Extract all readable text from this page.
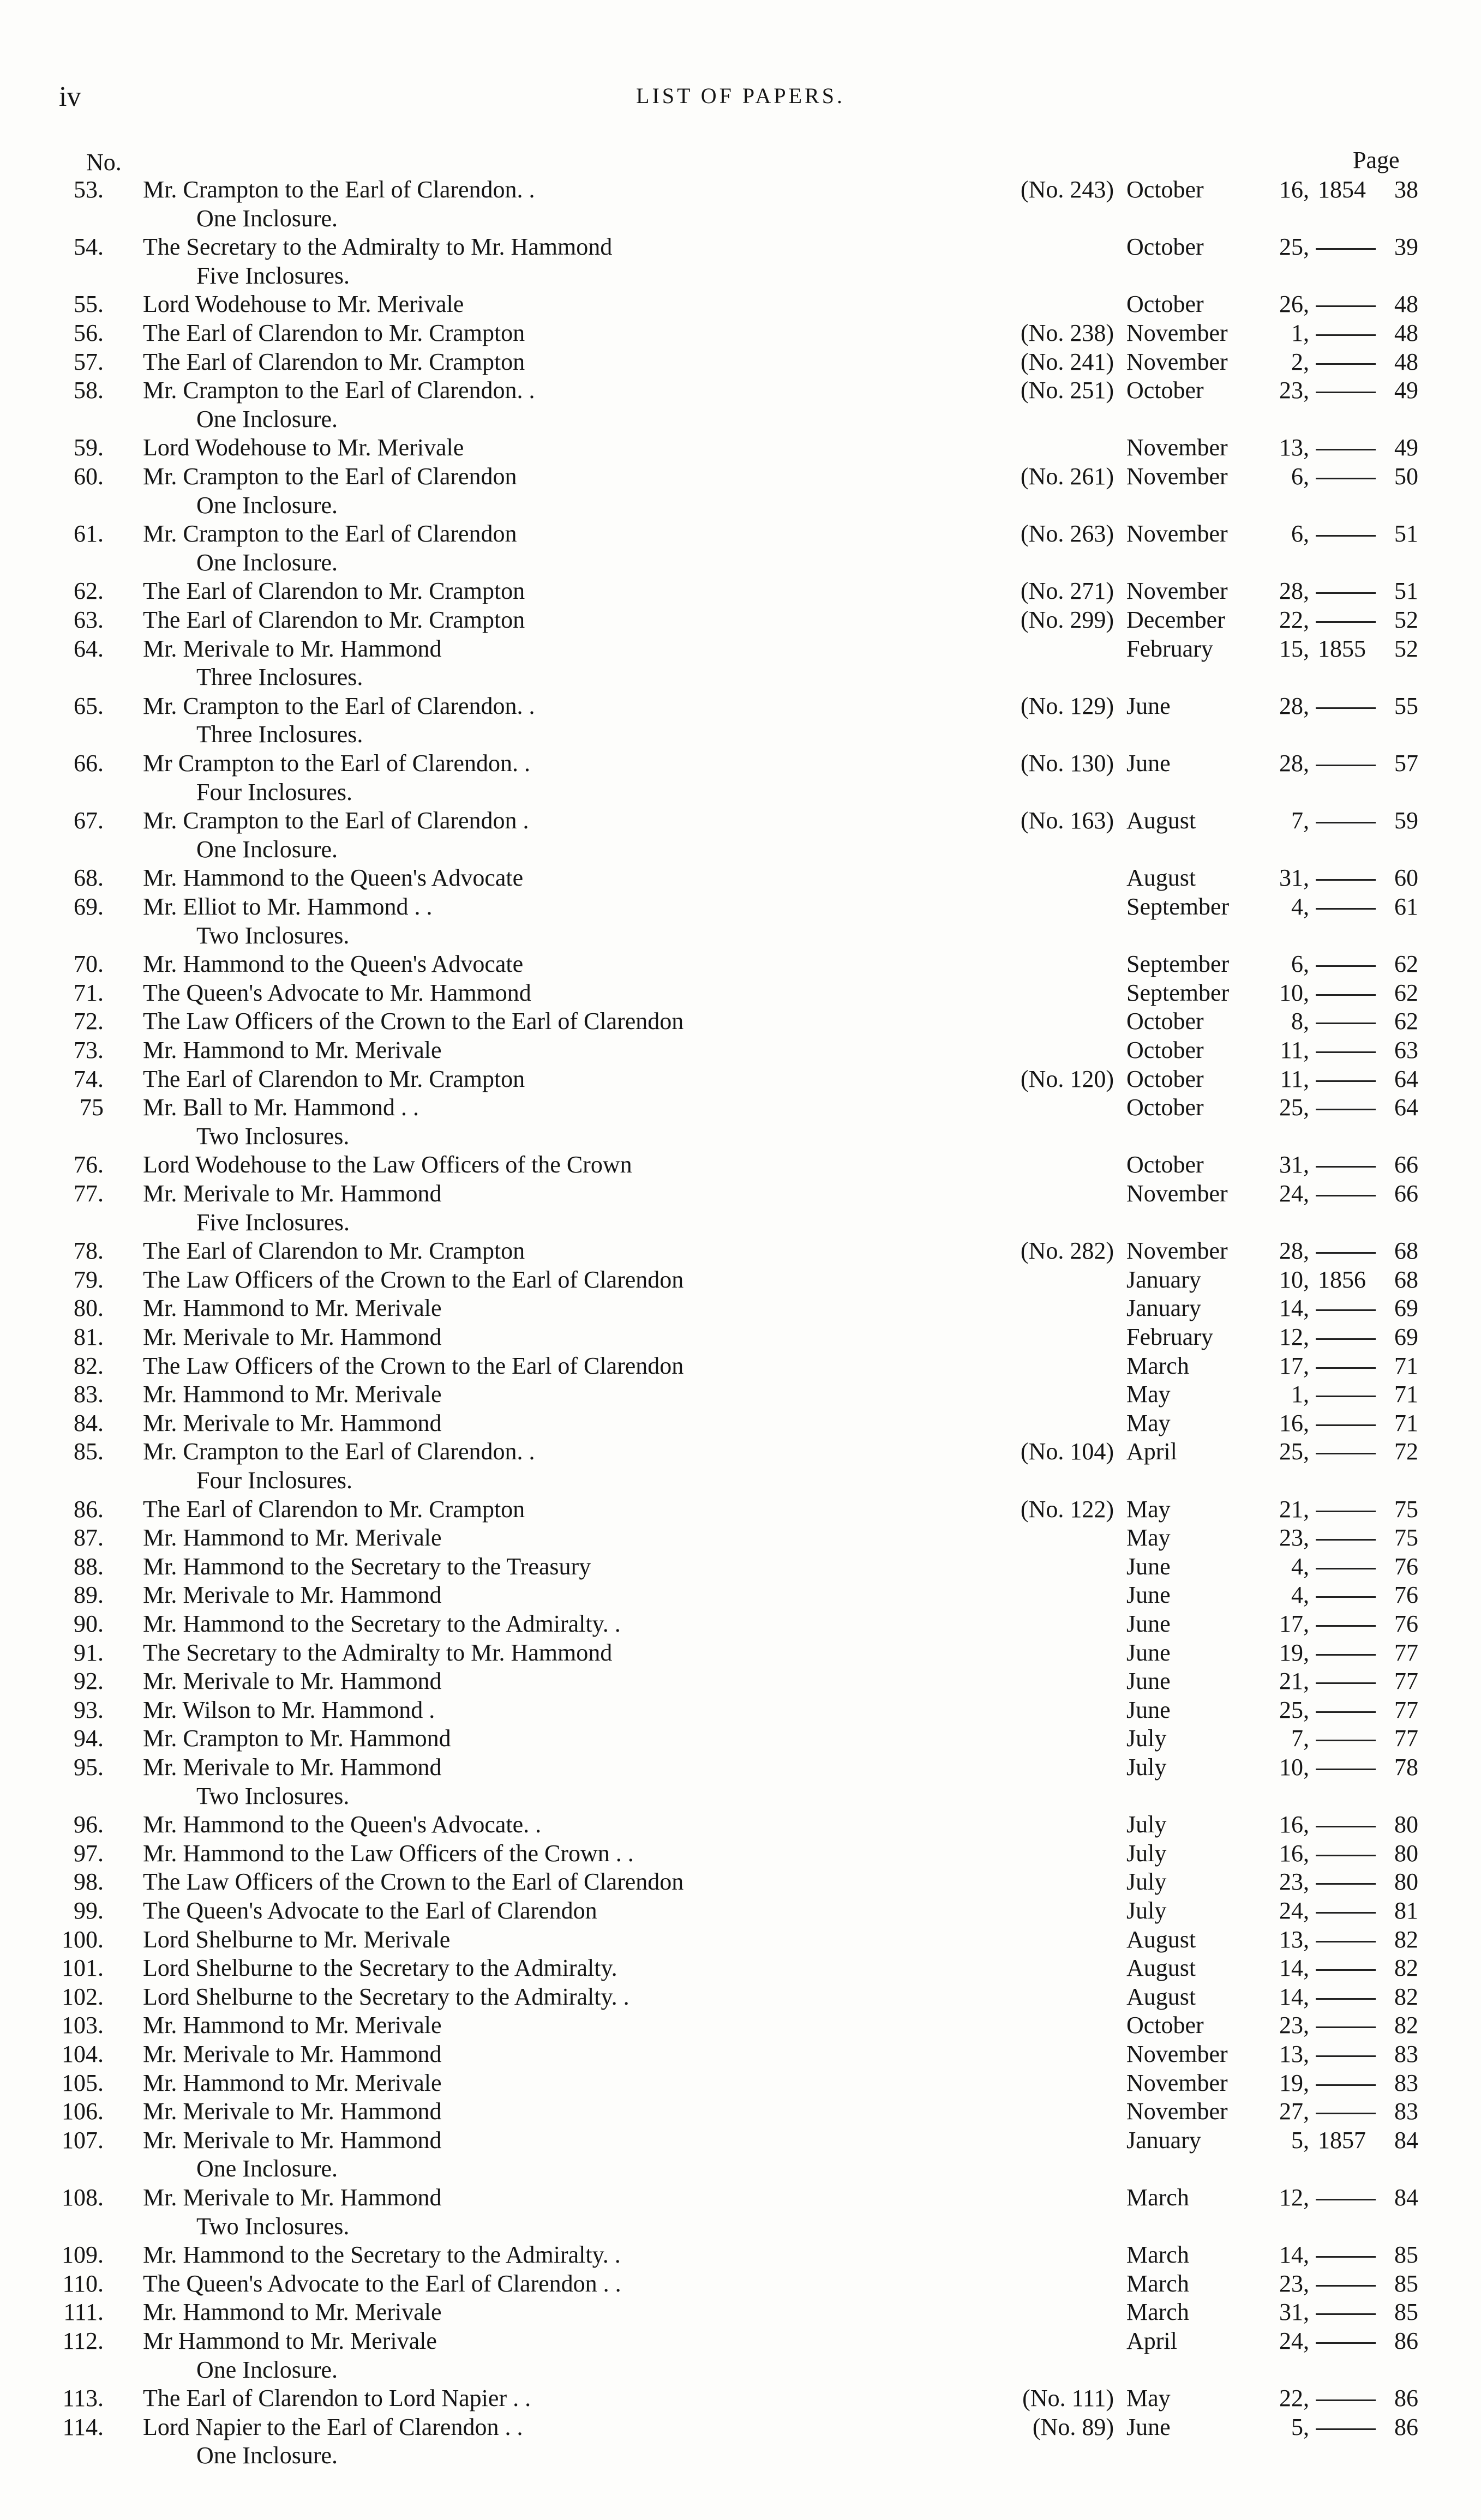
iv	LIST OF PAPERS.
No.	Page
53. Mr. Crampton to the Earl of Clarendon. .	(No. 243) October	16, 1854	38
One Inclosure.
54. The Secretary to the Admiralty to Mr. Hammond	October	25,	39
Five Inclosures.
55. Lord Wodehouse to Mr. Merivale	October	26,	48
56. The Earl of Clarendon to Mr. Crampton	(No. 238) November	1,	48
57. The Earl of Clarendon to Mr. Crampton	(No. 241) November	2,	48
58. Mr. Crampton to the Earl of Clarendon. .	(No. 251) October	23,	49
One Inclosure.
59. Lord Wodehouse to Mr. Merivale	November	13,	49
60. Mr. Crampton to the Earl of Clarendon	(No. 261) November	6,	50
One Inclosure.
61. Mr. Crampton to the Earl of Clarendon	(No. 263) November	6,	51
One Inclosure.
62. The Earl of Clarendon to Mr. Crampton	(No. 271) November	28,	51
63. The Earl of Clarendon to Mr. Crampton	(No. 299) December	22,	52
64. Mr. Merivale to Mr. Hammond	February	15, 1855	52
Three Inclosures.
65. Mr. Crampton to the Earl of Clarendon. .	(No. 129) June	28,	55
Three Inclosures.
66. Mr Crampton to the Earl of Clarendon. .	(No. 130) June	28,	57
Four Inclosures.
67. Mr. Crampton to the Earl of Clarendon .	(No. 163) August	7,	59
One Inclosure.
68. Mr. Hammond to the Queen's Advocate	August	31,	60
69. Mr. Elliot to Mr. Hammond . .	September	4,	61
Two Inclosures.
70. Mr. Hammond to the Queen's Advocate	September	6,	62
71. The Queen's Advocate to Mr. Hammond	September	10,	62
72. The Law Officers of the Crown to the Earl of Clarendon	October	8,	62
73. Mr. Hammond to Mr. Merivale	October	11,	63
74. The Earl of Clarendon to Mr. Crampton	(No. 120) October	11,	64
75 Mr. Ball to Mr. Hammond . .	October	25,	64
Two Inclosures.
76. Lord Wodehouse to the Law Officers of the Crown	October	31,	66
77. Mr. Merivale to Mr. Hammond	November	24,	66
Five Inclosures.
78. The Earl of Clarendon to Mr. Crampton	(No. 282) November	28,	68
79. The Law Officers of the Crown to the Earl of Clarendon	January	10, 1856	68
80. Mr. Hammond to Mr. Merivale	January	14,	69
81. Mr. Merivale to Mr. Hammond	February	12,	69
82. The Law Officers of the Crown to the Earl of Clarendon	March	17,	71
83. Mr. Hammond to Mr. Merivale	May	1,	71
84. Mr. Merivale to Mr. Hammond	May	16,	71
85. Mr. Crampton to the Earl of Clarendon. .	(No. 104) April	25,	72
Four Inclosures.
86. The Earl of Clarendon to Mr. Crampton	(No. 122) May	21,	75
87. Mr. Hammond to Mr. Merivale	May	23,	75
88. Mr. Hammond to the Secretary to the Treasury	June	4,	76
89. Mr. Merivale to Mr. Hammond	June	4,	76
90. Mr. Hammond to the Secretary to the Admiralty. .	June	17,	76
91. The Secretary to the Admiralty to Mr. Hammond	June	19,	77
92. Mr. Merivale to Mr. Hammond	June	21,	77
93. Mr. Wilson to Mr. Hammond .	June	25,	77
94. Mr. Crampton to Mr. Hammond	July	7,	77
95. Mr. Merivale to Mr. Hammond	July	10,	78
Two Inclosures.
96. Mr. Hammond to the Queen's Advocate. .	July	16,	80
97. Mr. Hammond to the Law Officers of the Crown . .	July	16,	80
98. The Law Officers of the Crown to the Earl of Clarendon	July	23,	80
99. The Queen's Advocate to the Earl of Clarendon	July	24,	81
100. Lord Shelburne to Mr. Merivale	August	13,	82
101. Lord Shelburne to the Secretary to the Admiralty.	August	14,	82
102. Lord Shelburne to the Secretary to the Admiralty. .	August	14,	82
103. Mr. Hammond to Mr. Merivale	October	23,	82
104. Mr. Merivale to Mr. Hammond	November	13,	83
105. Mr. Hammond to Mr. Merivale	November	19,	83
106. Mr. Merivale to Mr. Hammond	November	27,	83
107. Mr. Merivale to Mr. Hammond	January	5, 1857	84
One Inclosure.
108. Mr. Merivale to Mr. Hammond	March	12,	84
Two Inclosures.
109. Mr. Hammond to the Secretary to the Admiralty. .	March	14,	85
110. The Queen's Advocate to the Earl of Clarendon . .	March	23,	85
111. Mr. Hammond to Mr. Merivale	March	31,	85
112. Mr Hammond to Mr. Merivale	April	24,	86
One Inclosure.
113. The Earl of Clarendon to Lord Napier . .	(No. 111) May	22,	86
114. Lord Napier to the Earl of Clarendon . .	(No. 89) June	5,	86
One Inclosure.
